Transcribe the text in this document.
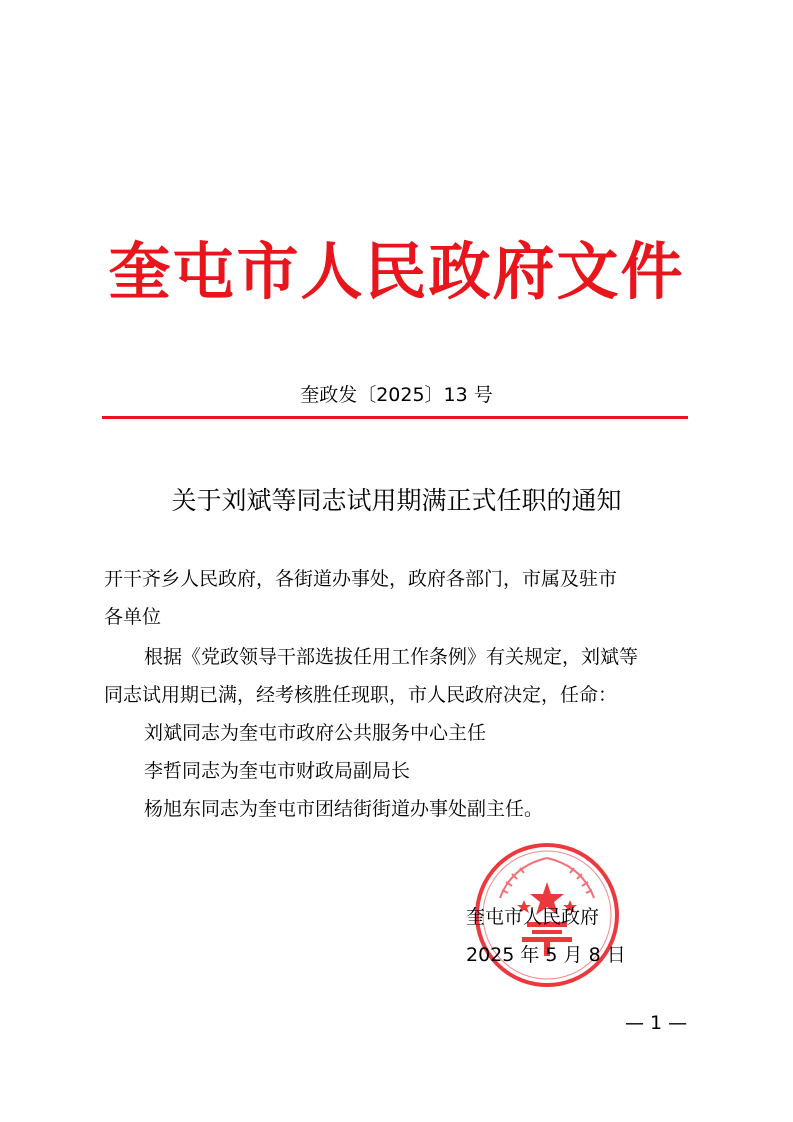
奎屯市人民政府文件
奎政发〔2025〕13 号
关于刘斌等同志试用期满正式任职的通知
开干齐乡人民政府，各街道办事处，政府各部门，市属及驻市
各单位
根据《党政领导干部选拔任用工作条例》有关规定，刘斌等
同志试用期已满，经考核胜任现职，市人民政府决定，任命：
刘斌同志为奎屯市政府公共服务中心主任
李哲同志为奎屯市财政局副局长
杨旭东同志为奎屯市团结街街道办事处副主任。
奎屯市人民政府
2025 年 5 月 8 日
— 1 —
